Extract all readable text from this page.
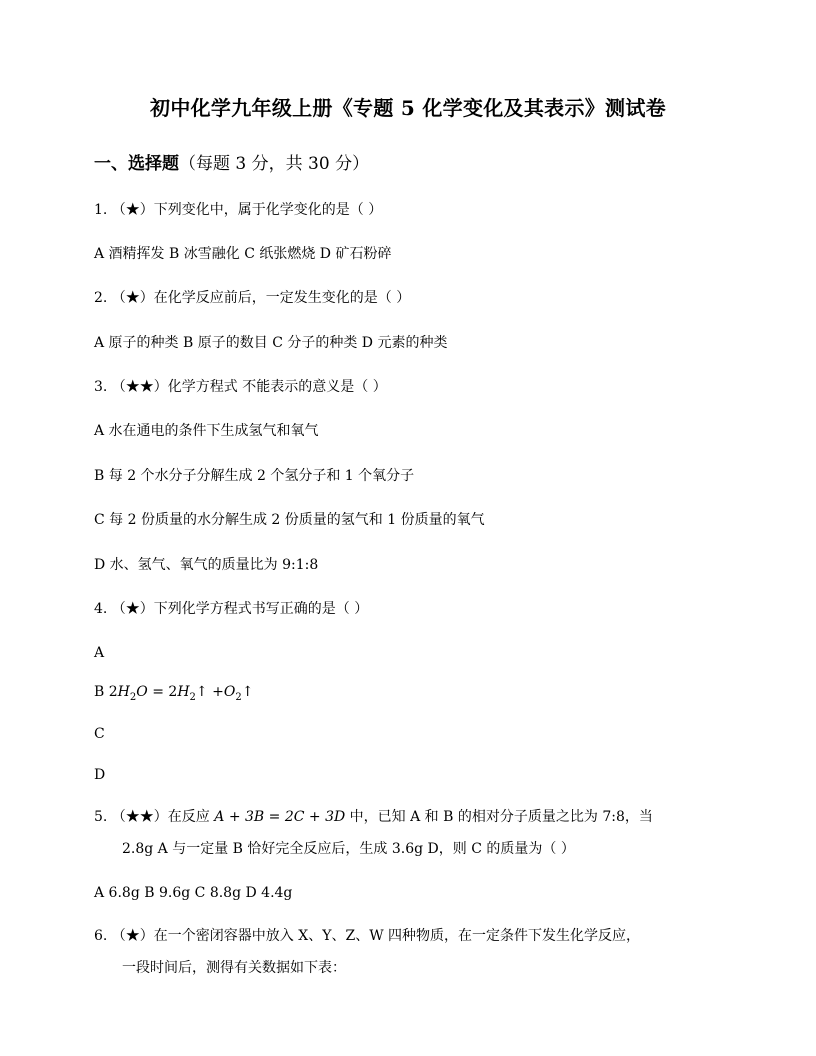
初中化学九年级上册《专题 5 化学变化及其表示》测试卷
一、选择题（每题 3 分，共 30 分）
1. （★）下列变化中，属于化学变化的是（ ）
A 酒精挥发 B 冰雪融化 C 纸张燃烧 D 矿石粉碎
2. （★）在化学反应前后，一定发生变化的是（ ）
A 原子的种类 B 原子的数目 C 分子的种类 D 元素的种类
3. （★★）化学方程式 不能表示的意义是（ ）
A 水在通电的条件下生成氢气和氧气
B 每 2 个水分子分解生成 2 个氢分子和 1 个氧分子
C 每 2 份质量的水分解生成 2 份质量的氢气和 1 份质量的氧气
D 水、氢气、氧气的质量比为 9:1:8
4. （★）下列化学方程式书写正确的是（ ）
A
B $2H_2O$ = $2H_2↑$ $+O_2↑$
C
D
5. （★★）在反应 A + 3B = 2C + 3D 中，已知 A 和 B 的相对分子质量之比为 7:8，当
2.8g A 与一定量 B 恰好完全反应后，生成 3.6g D，则 C 的质量为（ ）
A 6.8g B 9.6g C 8.8g D 4.4g
6. （★）在一个密闭容器中放入 X、Y、Z、W 四种物质，在一定条件下发生化学反应，
一段时间后，测得有关数据如下表：
